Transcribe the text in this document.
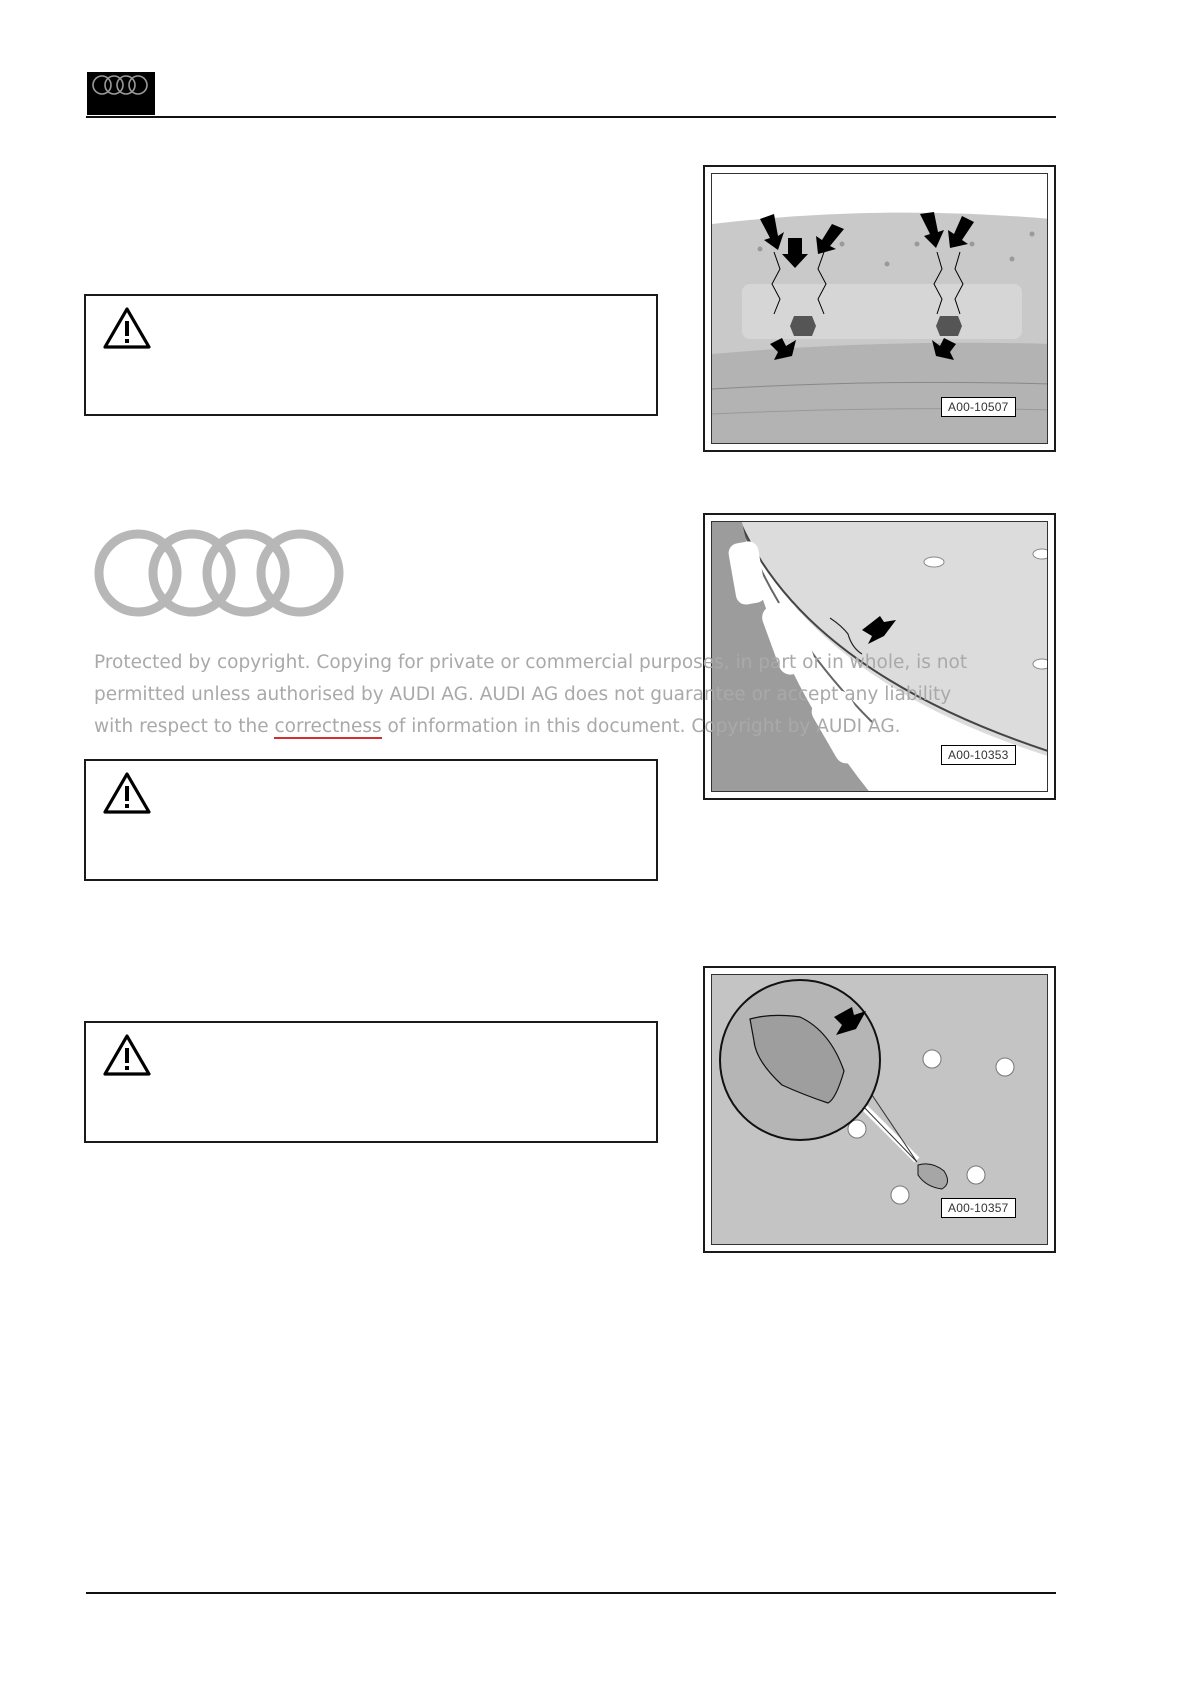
A00-10507
A00-10353
A00-10357
Protected by copyright. Copying for private or commercial purposes, in part or in whole, is not
permitted unless authorised by AUDI AG. AUDI AG does not guarantee or accept any liability
with respect to the correctness of information in this document. Copyright by AUDI AG.
